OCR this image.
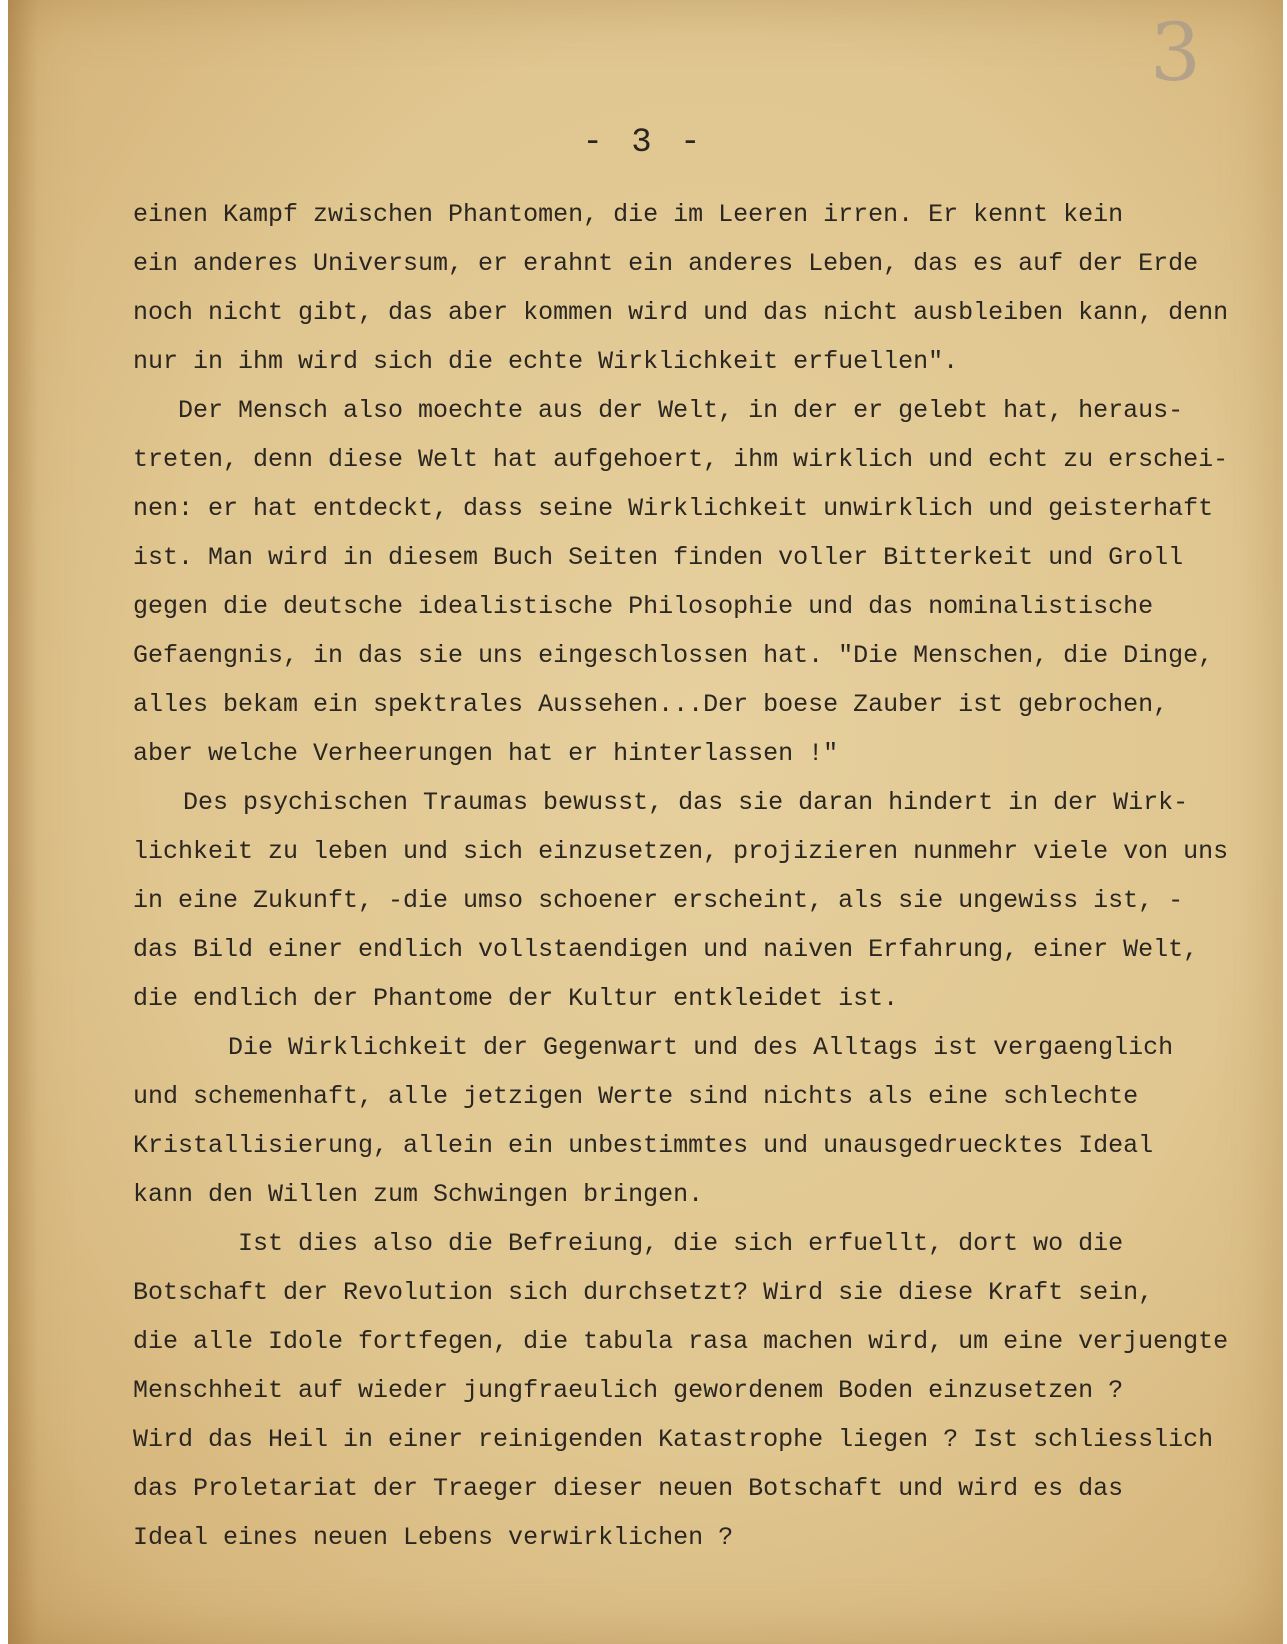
3
- 3 -
einen Kampf zwischen Phantomen, die im Leeren irren. Er kennt kein
ein anderes Universum, er erahnt ein anderes Leben, das es auf der Erde
noch nicht gibt, das aber kommen wird und das nicht ausbleiben kann, denn
nur in ihm wird sich die echte Wirklichkeit erfuellen".
Der Mensch also moechte aus der Welt, in der er gelebt hat, heraus-
treten, denn diese Welt hat aufgehoert, ihm wirklich und echt zu erschei-
nen: er hat entdeckt, dass seine Wirklichkeit unwirklich und geisterhaft
ist. Man wird in diesem Buch Seiten finden voller Bitterkeit und Groll
gegen die deutsche idealistische Philosophie und das nominalistische
Gefaengnis, in das sie uns eingeschlossen hat. "Die Menschen, die Dinge,
alles bekam ein spektrales Aussehen...Der boese Zauber ist gebrochen,
aber welche Verheerungen hat er hinterlassen !"
Des psychischen Traumas bewusst, das sie daran hindert in der Wirk-
lichkeit zu leben und sich einzusetzen, projizieren nunmehr viele von uns
in eine Zukunft, -die umso schoener erscheint, als sie ungewiss ist, -
das Bild einer endlich vollstaendigen und naiven Erfahrung, einer Welt,
die endlich der Phantome der Kultur entkleidet ist.
Die Wirklichkeit der Gegenwart und des Alltags ist vergaenglich
und schemenhaft, alle jetzigen Werte sind nichts als eine schlechte
Kristallisierung, allein ein unbestimmtes und unausgedruecktes Ideal
kann den Willen zum Schwingen bringen.
Ist dies also die Befreiung, die sich erfuellt, dort wo die
Botschaft der Revolution sich durchsetzt? Wird sie diese Kraft sein,
die alle Idole fortfegen, die tabula rasa machen wird, um eine verjuengte
Menschheit auf wieder jungfraeulich gewordenem Boden einzusetzen ?
Wird das Heil in einer reinigenden Katastrophe liegen ? Ist schliesslich
das Proletariat der Traeger dieser neuen Botschaft und wird es das
Ideal eines neuen Lebens verwirklichen ?
